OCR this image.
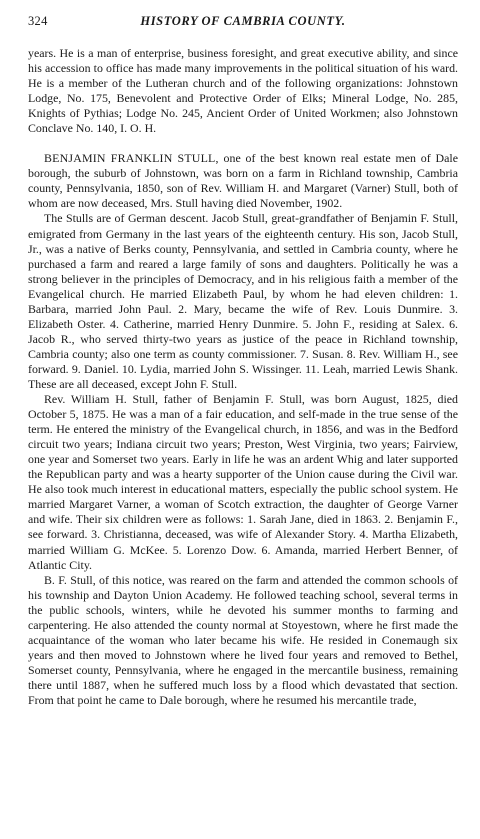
324	HISTORY OF CAMBRIA COUNTY.

years. He is a man of enterprise, business foresight, and great executive ability, and since his accession to office has made many improvements in the political situation of his ward. He is a member of the Lutheran church and of the following organizations: Johnstown Lodge, No. 175, Benevolent and Protective Order of Elks; Mineral Lodge, No. 285, Knights of Pythias; Lodge No. 245, Ancient Order of United Workmen; also Johnstown Conclave No. 140, I. O. H.

BENJAMIN FRANKLIN STULL, one of the best known real estate men of Dale borough, the suburb of Johnstown, was born on a farm in Richland township, Cambria county, Pennsylvania, 1850, son of Rev. William H. and Margaret (Varner) Stull, both of whom are now deceased, Mrs. Stull having died November, 1902.

The Stulls are of German descent. Jacob Stull, great-grandfather of Benjamin F. Stull, emigrated from Germany in the last years of the eighteenth century. His son, Jacob Stull, Jr., was a native of Berks county, Pennsylvania, and settled in Cambria county, where he purchased a farm and reared a large family of sons and daughters. Politically he was a strong believer in the principles of Democracy, and in his religious faith a member of the Evangelical church. He married Elizabeth Paul, by whom he had eleven children: 1. Barbara, married John Paul. 2. Mary, became the wife of Rev. Louis Dunmire. 3. Elizabeth Oster. 4. Catherine, married Henry Dunmire. 5. John F., residing at Salex. 6. Jacob R., who served thirty-two years as justice of the peace in Richland township, Cambria county; also one term as county commissioner. 7. Susan. 8. Rev. William H., see forward. 9. Daniel. 10. Lydia, married John S. Wissinger. 11. Leah, married Lewis Shank. These are all deceased, except John F. Stull.

Rev. William H. Stull, father of Benjamin F. Stull, was born August, 1825, died October 5, 1875. He was a man of a fair education, and self-made in the true sense of the term. He entered the ministry of the Evangelical church, in 1856, and was in the Bedford circuit two years; Indiana circuit two years; Preston, West Virginia, two years; Fairview, one year and Somerset two years. Early in life he was an ardent Whig and later supported the Republican party and was a hearty supporter of the Union cause during the Civil war. He also took much interest in educational matters, especially the public school system. He married Margaret Varner, a woman of Scotch extraction, the daughter of George Varner and wife. Their six children were as follows: 1. Sarah Jane, died in 1863. 2. Benjamin F., see forward. 3. Christianna, deceased, was wife of Alexander Story. 4. Martha Elizabeth, married William G. McKee. 5. Lorenzo Dow. 6. Amanda, married Herbert Benner, of Atlantic City.

B. F. Stull, of this notice, was reared on the farm and attended the common schools of his township and Dayton Union Academy. He followed teaching school, several terms in the public schools, winters, while he devoted his summer months to farming and carpentering. He also attended the county normal at Stoyestown, where he first made the acquaintance of the woman who later became his wife. He resided in Conemaugh six years and then moved to Johnstown where he lived four years and removed to Bethel, Somerset county, Pennsylvania, where he engaged in the mercantile business, remaining there until 1887, when he suffered much loss by a flood which devastated that section. From that point he came to Dale borough, where he resumed his mercantile trade,
